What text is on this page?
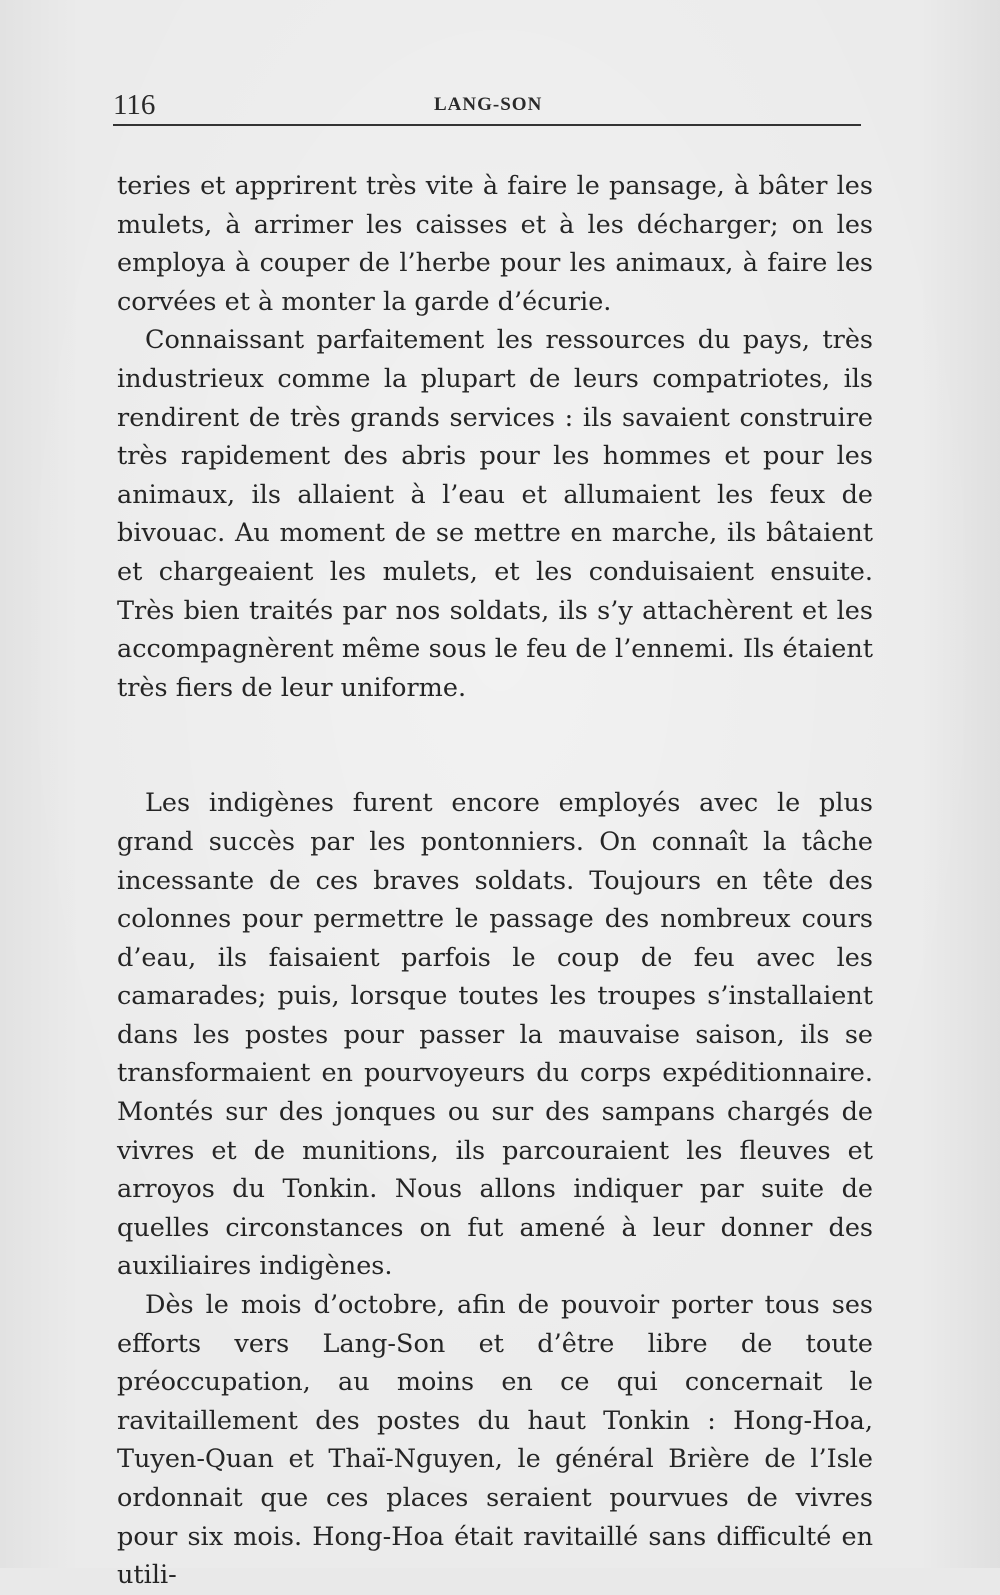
116	LANG-SON

teries et apprirent très vite à faire le pansage, à bâter les mulets, à arrimer les caisses et à les décharger; on les employa à couper de l’herbe pour les animaux, à faire les corvées et à monter la garde d’écurie.

Connaissant parfaitement les ressources du pays, très industrieux comme la plupart de leurs compatriotes, ils rendirent de très grands services : ils savaient construire très rapidement des abris pour les hommes et pour les animaux, ils allaient à l’eau et allumaient les feux de bivouac. Au moment de se mettre en marche, ils bâtaient et chargeaient les mulets, et les conduisaient ensuite. Très bien traités par nos soldats, ils s’y attachèrent et les accompagnèrent même sous le feu de l’ennemi. Ils étaient très fiers de leur uniforme.

Les indigènes furent encore employés avec le plus grand succès par les pontonniers. On connaît la tâche incessante de ces braves soldats. Toujours en tête des colonnes pour permettre le passage des nombreux cours d’eau, ils faisaient parfois le coup de feu avec les camarades; puis, lorsque toutes les troupes s’installaient dans les postes pour passer la mauvaise saison, ils se transformaient en pourvoyeurs du corps expéditionnaire. Montés sur des jonques ou sur des sampans chargés de vivres et de munitions, ils parcouraient les fleuves et arroyos du Tonkin. Nous allons indiquer par suite de quelles circonstances on fut amené à leur donner des auxiliaires indigènes.

Dès le mois d’octobre, afin de pouvoir porter tous ses efforts vers Lang-Son et d’être libre de toute préoccupation, au moins en ce qui concernait le ravitaillement des postes du haut Tonkin : Hong-Hoa, Tuyen-Quan et Thaï-Nguyen, le général Brière de l’Isle ordonnait que ces places seraient pourvues de vivres pour six mois. Hong-Hoa était ravitaillé sans difficulté en utili-
